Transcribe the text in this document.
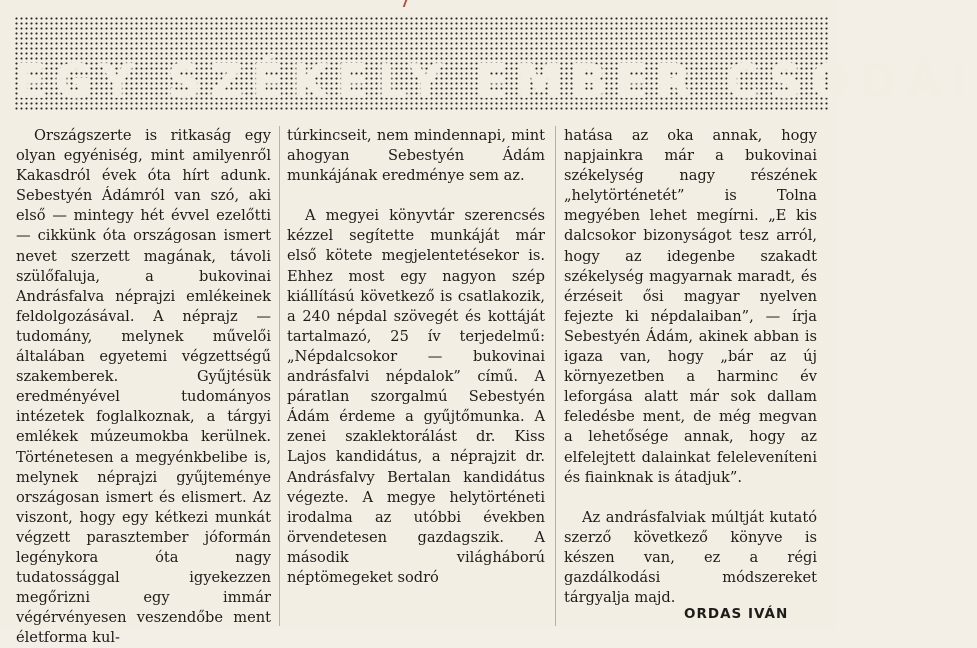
EGY SZÉKELY EMBER CSODÁI

Országszerte is ritkaság egy olyan egyéniség, mint amilyenről Kakasdról évek óta hírt adunk. Sebestyén Ádámról van szó, aki első — mintegy hét évvel ezelőtti — cikkünk óta országosan ismert nevet szerzett magának, távoli szülőfaluja, a bukovinai Andrásfalva néprajzi emlékeinek feldolgozásával. A néprajz — tudomány, melynek művelői általában egyetemi végzettségű szakemberek. Gyűjtésük eredményével tudományos intézetek foglalkoznak, a tárgyi emlékek múzeumokba kerülnek. Történetesen a megyénkbelibe is, melynek néprajzi gyűjteménye országosan ismert és elismert. Az viszont, hogy egy kétkezi munkát végzett parasztember jóformán legénykora óta nagy tudatossággal igyekezzen megőrizni egy immár végérvényesen veszendőbe ment életforma kul-

túrkincseit, nem mindennapi, mint ahogyan Sebestyén Ádám munkájának eredménye sem az.

A megyei könyvtár szerencsés kézzel segítette munkáját már első kötete megjelentetésekor is. Ehhez most egy nagyon szép kiállítású következő is csatlakozik, a 240 népdal szövegét és kottáját tartalmazó, 25 ív terjedelmű: „Népdalcsokor — bukovinai andrásfalvi népdalok” című. A páratlan szorgalmú Sebestyén Ádám érdeme a gyűjtőmunka. A zenei szaklektorálást dr. Kiss Lajos kandidátus, a néprajzit dr. Andrásfalvy Bertalan kandidátus végezte. A megye helytörténeti irodalma az utóbbi években örvendetesen gazdagszik. A második világháború néptömegeket sodró

hatása az oka annak, hogy napjainkra már a bukovinai székelység nagy részének „helytörténetét” is Tolna megyében lehet megírni. „E kis dalcsokor bizonyságot tesz arról, hogy az idegenbe szakadt székelység magyarnak maradt, és érzéseit ősi magyar nyelven fejezte ki népdalaiban”, — írja Sebestyén Ádám, akinek abban is igaza van, hogy „bár az új környezetben a harminc év leforgása alatt már sok dallam feledésbe ment, de még megvan a lehetősége annak, hogy az elfelejtett dalainkat feleleveníteni és fiainknak is átadjuk”.

Az andrásfalviak múltját kutató szerző következő könyve is készen van, ez a régi gazdálkodási módszereket tárgyalja majd.

ORDAS IVÁN
